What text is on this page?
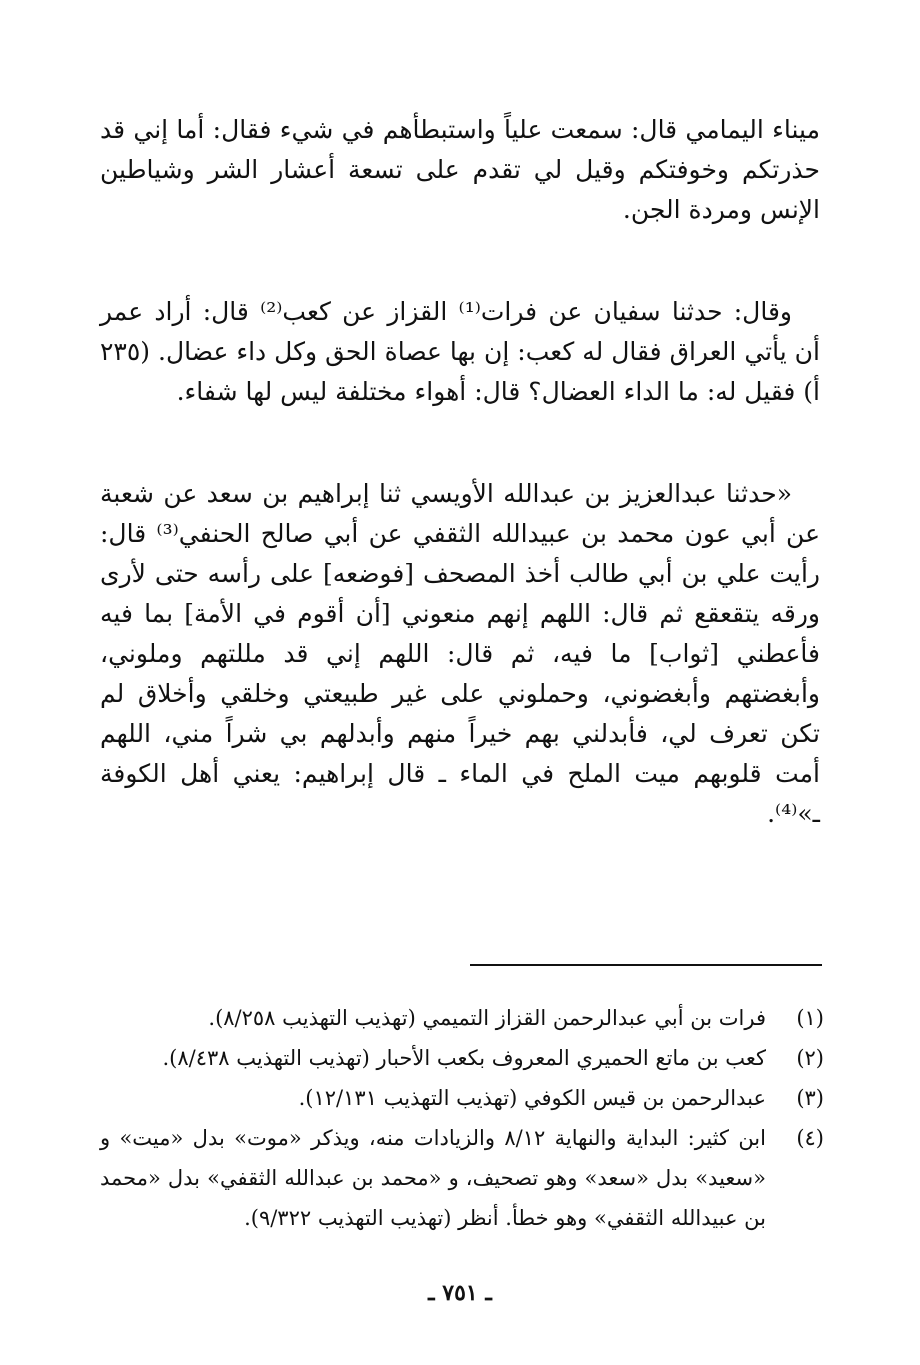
ميناء اليمامي قال: سمعت علياً واستبطأهم في شيء فقال: أما إني قد حذرتكم وخوفتكم وقيل لي تقدم على تسعة أعشار الشر وشياطين الإنس ومردة الجن.

وقال: حدثنا سفيان عن فرات⁽¹⁾ القزاز عن كعب⁽²⁾ قال: أراد عمر أن يأتي العراق فقال له كعب: إن بها عصاة الحق وكل داء عضال. (٢٣٥ أ) فقيل له: ما الداء العضال؟ قال: أهواء مختلفة ليس لها شفاء.

«حدثنا عبدالعزيز بن عبدالله الأويسي ثنا إبراهيم بن سعد عن شعبة عن أبي عون محمد بن عبيدالله الثقفي عن أبي صالح الحنفي⁽³⁾ قال: رأيت علي بن أبي طالب أخذ المصحف [فوضعه] على رأسه حتى لأرى ورقه يتقعقع ثم قال: اللهم إنهم منعوني [أن أقوم في الأمة] بما فيه فأعطني [ثواب] ما فيه، ثم قال: اللهم إني قد مللتهم وملوني، وأبغضتهم وأبغضوني، وحملوني على غير طبيعتي وخلقي وأخلاق لم تكن تعرف لي، فأبدلني بهم خيراً منهم وأبدلهم بي شراً مني، اللهم أمت قلوبهم ميت الملح في الماء ـ قال إبراهيم: يعني أهل الكوفة ـ»⁽⁴⁾.

(١)
فرات بن أبي عبدالرحمن القزاز التميمي (تهذيب التهذيب ٨/٢٥٨).
(٢)
كعب بن ماتع الحميري المعروف بكعب الأحبار (تهذيب التهذيب ٨/٤٣٨).
(٣)
عبدالرحمن بن قيس الكوفي (تهذيب التهذيب ١٢/١٣١).
(٤)
ابن كثير: البداية والنهاية ٨/١٢ والزيادات منه، ويذكر «موت» بدل «ميت» و «سعيد» بدل «سعد» وهو تصحيف، و «محمد بن عبدالله الثقفي» بدل «محمد بن عبيدالله الثقفي» وهو خطأ. أنظر (تهذيب التهذيب ٩/٣٢٢).
ـ ٧٥١ ـ
